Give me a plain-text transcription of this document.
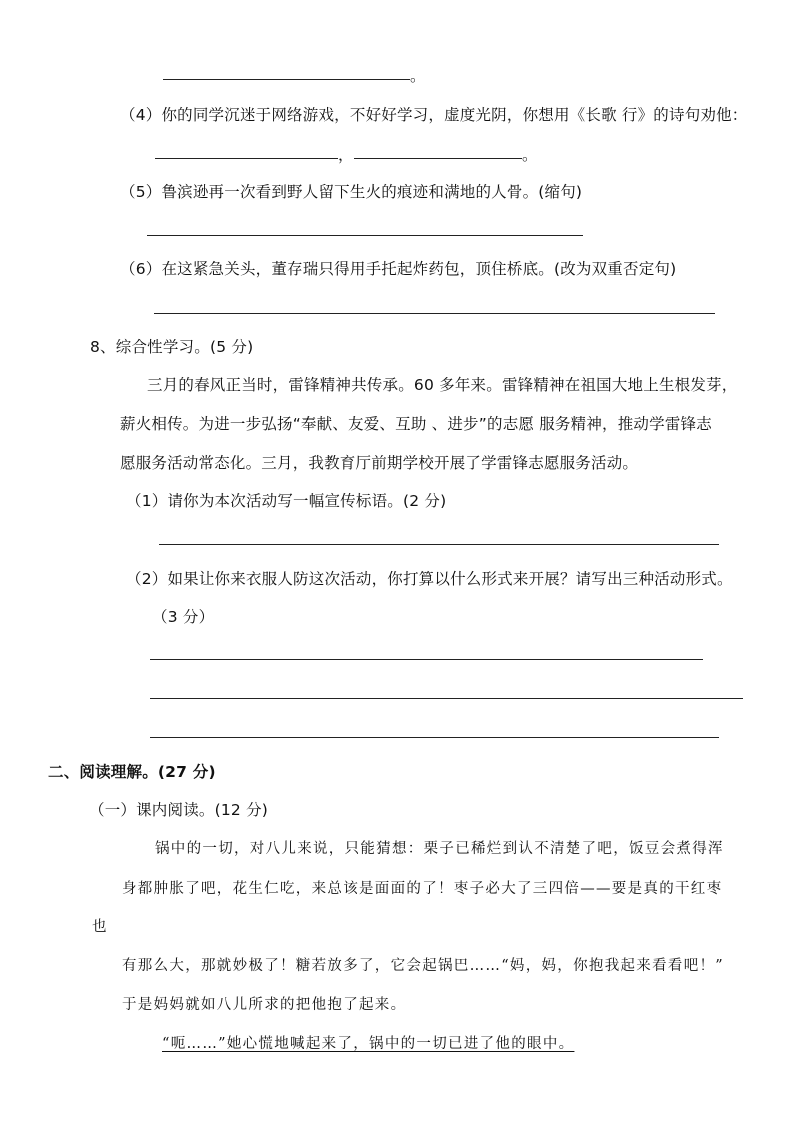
。
（4）你的同学沉迷于网络游戏，不好好学习，虚度光阴，你想用《长歌 行》的诗句劝他：
，	。
（5）鲁滨逊再一次看到野人留下生火的痕迹和满地的人骨。(缩句)
（6）在这紧急关头，董存瑞只得用手托起炸药包，顶住桥底。(改为双重否定句)
8、综合性学习。(5 分)
三月的春风正当时，雷锋精神共传承。60 多年来。雷锋精神在祖国大地上生根发芽，
薪火相传。为进一步弘扬“奉献、友爱、互助 、进步”的志愿 服务精神，推动学雷锋志
愿服务活动常态化。三月，我教育厅前期学校开展了学雷锋志愿服务活动。
（1）请你为本次活动写一幅宣传标语。(2 分)
（2）如果让你来衣服人防这次活动，你打算以什么形式来开展？请写出三种活动形式。
（3 分）
二、阅读理解。(27 分)
（一）课内阅读。(12 分)
锅中的一切，对八儿来说，只能猜想：栗子已稀烂到认不清楚了吧，饭豆会煮得浑
身都肿胀了吧，花生仁吃，来总该是面面的了！枣子必大了三四倍——要是真的干红枣
也
有那么大，那就妙极了！糖若放多了，它会起锅巴……“妈，妈，你抱我起来看看吧！”
于是妈妈就如八儿所求的把他抱了起来。
“呃……”她心慌地喊起来了，锅中的一切已进了他的眼中。
